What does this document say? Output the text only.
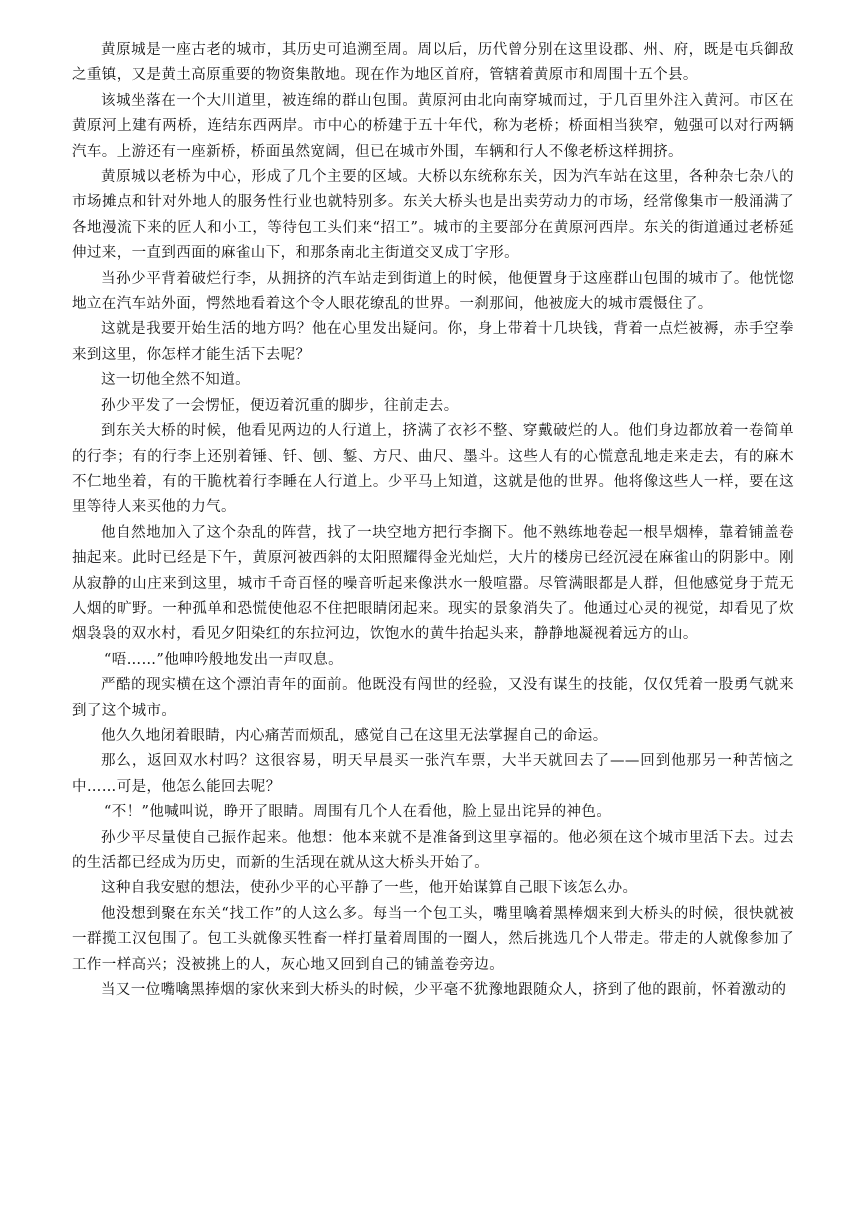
黄原城是一座古老的城市，其历史可追溯至周。周以后，历代曾分别在这里设郡、州、府，既是屯兵御敌之重镇，又是黄土高原重要的物资集散地。现在作为地区首府，管辖着黄原市和周围十五个县。

该城坐落在一个大川道里，被连绵的群山包围。黄原河由北向南穿城而过，于几百里外注入黄河。市区在黄原河上建有两桥，连结东西两岸。市中心的桥建于五十年代，称为老桥；桥面相当狭窄，勉强可以对行两辆汽车。上游还有一座新桥，桥面虽然宽阔，但已在城市外围，车辆和行人不像老桥这样拥挤。

黄原城以老桥为中心，形成了几个主要的区域。大桥以东统称东关，因为汽车站在这里，各种杂七杂八的市场摊点和针对外地人的服务性行业也就特别多。东关大桥头也是出卖劳动力的市场，经常像集市一般涌满了各地漫流下来的匠人和小工，等待包工头们来“招工”。城市的主要部分在黄原河西岸。东关的街道通过老桥延伸过来，一直到西面的麻雀山下，和那条南北主街道交叉成丁字形。

当孙少平背着破烂行李，从拥挤的汽车站走到街道上的时候，他便置身于这座群山包围的城市了。他恍惚地立在汽车站外面，愕然地看着这个令人眼花缭乱的世界。一刹那间，他被庞大的城市震慑住了。

这就是我要开始生活的地方吗？他在心里发出疑问。你，身上带着十几块钱，背着一点烂被褥，赤手空拳来到这里，你怎样才能生活下去呢？

这一切他全然不知道。

孙少平发了一会愣怔，便迈着沉重的脚步，往前走去。

到东关大桥的时候，他看见两边的人行道上，挤满了衣衫不整、穿戴破烂的人。他们身边都放着一卷简单的行李；有的行李上还别着锤、钎、刨、錾、方尺、曲尺、墨斗。这些人有的心慌意乱地走来走去，有的麻木不仁地坐着，有的干脆枕着行李睡在人行道上。少平马上知道，这就是他的世界。他将像这些人一样，要在这里等待人来买他的力气。

他自然地加入了这个杂乱的阵营，找了一块空地方把行李搁下。他不熟练地卷起一根旱烟棒，靠着铺盖卷抽起来。此时已经是下午，黄原河被西斜的太阳照耀得金光灿烂，大片的楼房已经沉浸在麻雀山的阴影中。刚从寂静的山庄来到这里，城市千奇百怪的噪音听起来像洪水一般喧嚣。尽管满眼都是人群，但他感觉身于荒无人烟的旷野。一种孤单和恐慌使他忍不住把眼睛闭起来。现实的景象消失了。他通过心灵的视觉，却看见了炊烟袅袅的双水村，看见夕阳染红的东拉河边，饮饱水的黄牛抬起头来，静静地凝视着远方的山。

“唔……”他呻吟般地发出一声叹息。

严酷的现实横在这个漂泊青年的面前。他既没有闯世的经验，又没有谋生的技能，仅仅凭着一股勇气就来到了这个城市。

他久久地闭着眼睛，内心痛苦而烦乱，感觉自己在这里无法掌握自己的命运。

那么，返回双水村吗？这很容易，明天早晨买一张汽车票，大半天就回去了——回到他那另一种苦恼之中……可是，他怎么能回去呢？

“不！”他喊叫说，睁开了眼睛。周围有几个人在看他，脸上显出诧异的神色。

孙少平尽量使自己振作起来。他想：他本来就不是准备到这里享福的。他必须在这个城市里活下去。过去的生活都已经成为历史，而新的生活现在就从这大桥头开始了。

这种自我安慰的想法，使孙少平的心平静了一些，他开始谋算自己眼下该怎么办。

他没想到聚在东关“找工作”的人这么多。每当一个包工头，嘴里噙着黑棒烟来到大桥头的时候，很快就被一群揽工汉包围了。包工头就像买牲畜一样打量着周围的一圈人，然后挑选几个人带走。带走的人就像参加了工作一样高兴；没被挑上的人，灰心地又回到自己的铺盖卷旁边。

当又一位嘴噙黑捧烟的家伙来到大桥头的时候，少平毫不犹豫地跟随众人，挤到了他的跟前，怀着激动的
